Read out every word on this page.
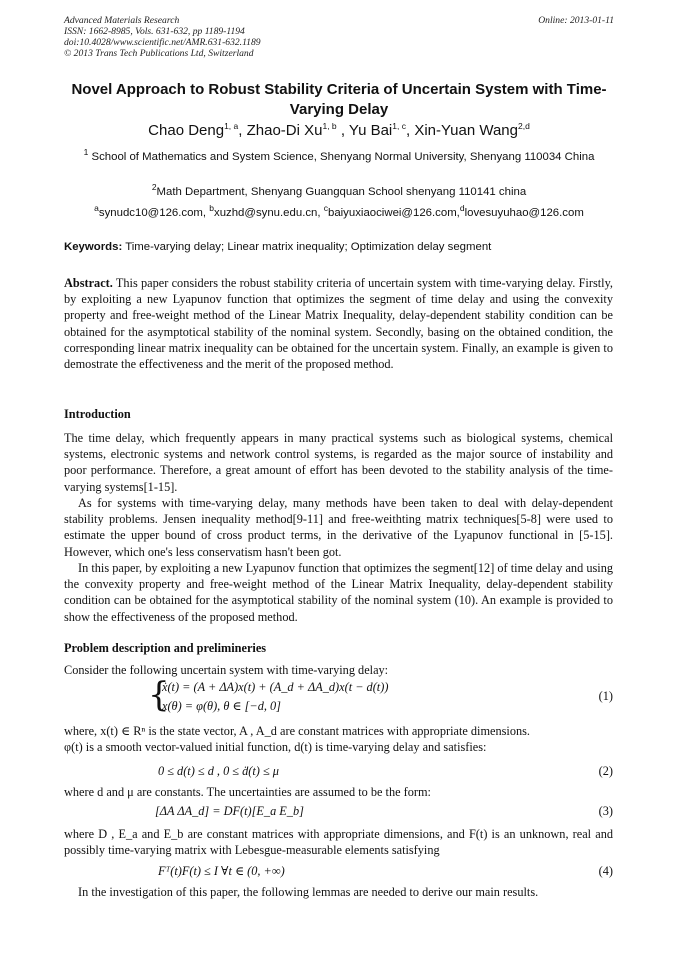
Advanced Materials Research
ISSN: 1662-8985, Vols. 631-632, pp 1189-1194
doi:10.4028/www.scientific.net/AMR.631-632.1189
© 2013 Trans Tech Publications Ltd, Switzerland
Online: 2013-01-11
Novel Approach to Robust Stability Criteria of Uncertain System with Time-Varying Delay
Chao Deng$^{1, a}$, Zhao-Di Xu$^{1, b}$ , Yu Bai$^{1, c}$, Xin-Yuan Wang$^{2,d}$
$^1$ School of Mathematics and System Science, Shenyang Normal University, Shenyang 110034 China
$^2$Math Department, Shenyang Guangquan School shenyang 110141 china
$^a$synudc10@126.com, $^b$xuzhd@synu.edu.cn, $^c$baiyuxiaociwei@126.com,$^d$lovesuyuhao@126.com
Keywords: Time-varying delay; Linear matrix inequality; Optimization delay segment
Abstract. This paper considers the robust stability criteria of uncertain system with time-varying delay. Firstly, by exploiting a new Lyapunov function that optimizes the segment of time delay and using the convexity property and free-weight method of the Linear Matrix Inequality, delay-dependent stability condition can be obtained for the asymptotical stability of the nominal system. Secondly, basing on the obtained condition, the corresponding linear matrix inequality can be obtained for the uncertain system. Finally, an example is given to demostrate the effectiveness and the merit of the proposed method.
Introduction
The time delay, which frequently appears in many practical systems such as biological systems, chemical systems, electronic systems and network control systems, is regarded as the major source of instability and poor performance. Therefore, a great amount of effort has been devoted to the stability analysis of the time-varying systems[1-15].
As for systems with time-varying delay, many methods have been taken to deal with delay-dependent stability problems. Jensen inequality method[9-11] and free-weithting matrix techniques[5-8] were used to estimate the upper bound of cross product terms, in the derivative of the Lyapunov functional in [5-15]. However, which one's less conservatism hasn't been got.
In this paper, by exploiting a new Lyapunov function that optimizes the segment[12] of time delay and using the convexity property and free-weight method of the Linear Matrix Inequality, delay-dependent stability condition can be obtained for the asymptotical stability of the nominal system (10). An example is provided to show the effectiveness of the proposed method.
Problem description and prelimineries
Consider the following uncertain system with time-varying delay:
{
ẋ(t) = (A + ΔA)x(t) + (A_d + ΔA_d)x(t − d(t))
x(θ) = φ(θ), θ ∈ [−d, 0]
(1)
where, x(t) ∈ Rⁿ is the state vector, A , A_d are constant matrices with appropriate dimensions.
φ(t) is a smooth vector-valued initial function, d(t) is time-varying delay and satisfies:
0 ≤ d(t) ≤ d , 0 ≤ ḋ(t) ≤ μ	(2)
where d and μ are constants. The uncertainties are assumed to be the form:
[ΔA ΔA_d] = DF(t)[E_a E_b]	(3)
where D , E_a and E_b are constant matrices with appropriate dimensions, and F(t) is an unknown, real and possibly time-varying matrix with Lebesgue-measurable elements satisfying
Fᵀ(t)F(t) ≤ I ∀t ∈ (0, +∞)	(4)
In the investigation of this paper, the following lemmas are needed to derive our main results.
